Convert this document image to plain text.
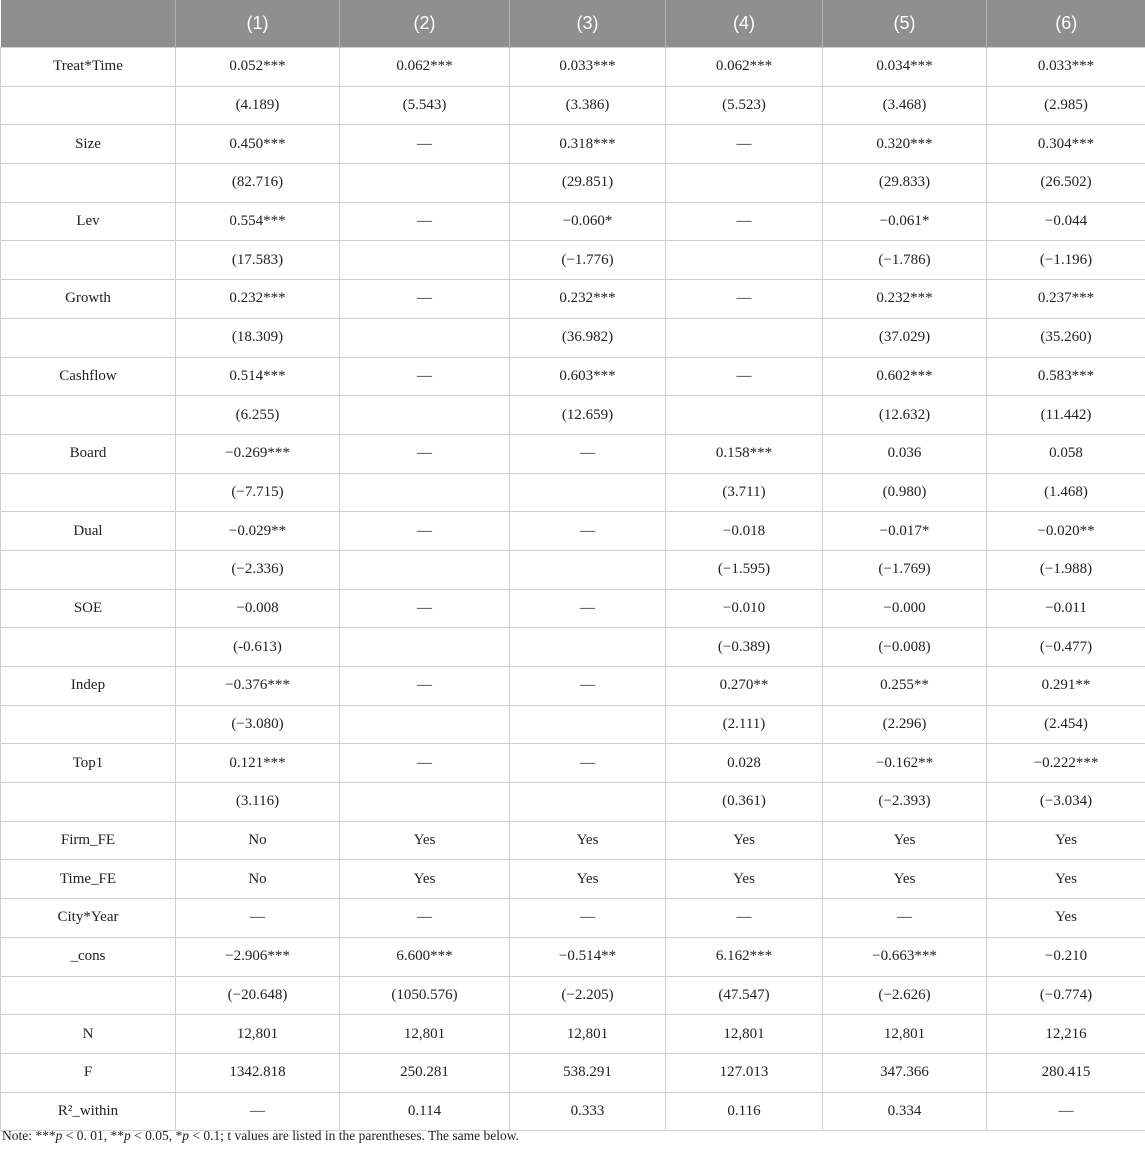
	(1)	(2)	(3)	(4)	(5)	(6)
Treat*Time	0.052***	0.062***	0.033***	0.062***	0.034***	0.033***
	(4.189)	(5.543)	(3.386)	(5.523)	(3.468)	(2.985)
Size	0.450***	—	0.318***	—	0.320***	0.304***
	(82.716)		(29.851)		(29.833)	(26.502)
Lev	0.554***	—	−0.060*	—	−0.061*	−0.044
	(17.583)		(−1.776)		(−1.786)	(−1.196)
Growth	0.232***	—	0.232***	—	0.232***	0.237***
	(18.309)		(36.982)		(37.029)	(35.260)
Cashflow	0.514***	—	0.603***	—	0.602***	0.583***
	(6.255)		(12.659)		(12.632)	(11.442)
Board	−0.269***	—	—	0.158***	0.036	0.058
	(−7.715)			(3.711)	(0.980)	(1.468)
Dual	−0.029**	—	—	−0.018	−0.017*	−0.020**
	(−2.336)			(−1.595)	(−1.769)	(−1.988)
SOE	−0.008	—	—	−0.010	−0.000	−0.011
	(-0.613)			(−0.389)	(−0.008)	(−0.477)
Indep	−0.376***	—	—	0.270**	0.255**	0.291**
	(−3.080)			(2.111)	(2.296)	(2.454)
Top1	0.121***	—	—	0.028	−0.162**	−0.222***
	(3.116)			(0.361)	(−2.393)	(−3.034)
Firm_FE	No	Yes	Yes	Yes	Yes	Yes
Time_FE	No	Yes	Yes	Yes	Yes	Yes
City*Year	—	—	—	—	—	Yes
_cons	−2.906***	6.600***	−0.514**	6.162***	−0.663***	−0.210
	(−20.648)	(1050.576)	(−2.205)	(47.547)	(−2.626)	(−0.774)
N	12,801	12,801	12,801	12,801	12,801	12,216
F	1342.818	250.281	538.291	127.013	347.366	280.415
R²_within	—	0.114	0.333	0.116	0.334	—
Note: ***p < 0. 01, **p < 0.05, *p < 0.1; t values are listed in the parentheses. The same below.
